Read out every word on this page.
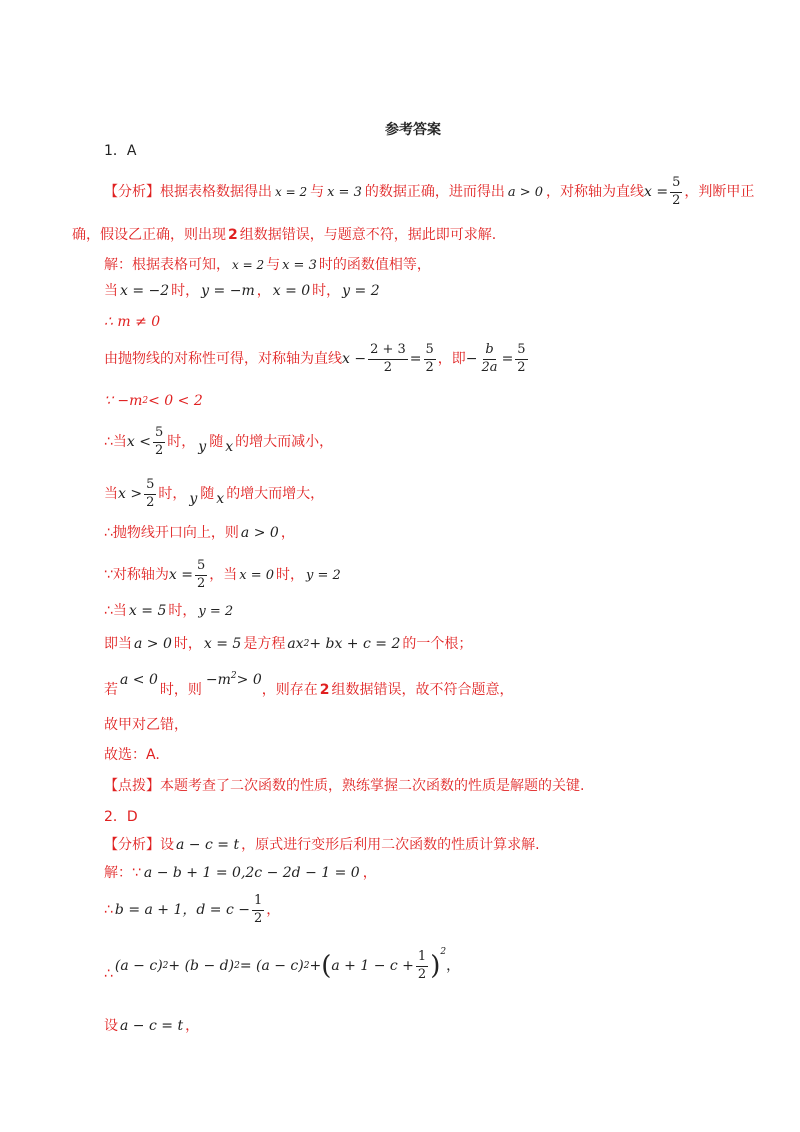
参考答案
1．A
【分析】 根据表格数据得出 x = 2 与 x = 3 的数据正确，进而得出 a > 0 ，对称轴为直线 $x = \frac{5}{2}$ ，判断甲正
确，假设乙正确，则出现 2 组数据错误，与题意不符，据此即可求解.
解：根据表格可知， x = 2 与 x = 3 时的函数值相等，
当 x = −2 时， y = −m ， x = 0 时， y = 2
∴ m ≠ 0
由抛物线的对称性可得，对称轴为直线 $x - \frac{2 + 3}{2} = \frac{5}{2}$ ，即 − $\frac{b}{2a} = \frac{5}{2}$
∵ −m 2 < 0 < 2
∴当 $x < \frac{5}{2}$ 时， y 随 x 的增大而减小，
当 $x > \frac{5}{2}$ 时， y 随 x 的增大而增大，
∴抛物线开口向上，则 a > 0 ，
∵对称轴为 $x = \frac{5}{2}$ ，当 x = 0 时， y = 2
∴当 x = 5 时， y = 2
即当 a > 0 时， x = 5 是方程 ax 2 + bx + c = 2 的一个根；
若
a < 0
时，则
−m 2 > 0
，则存在 2 组数据错误，故不符合题意，
故甲对乙错，
故选：A.
【点拨】 本题考查了二次函数的性质，熟练掌握二次函数的性质是解题的关键.
2．D
【分析】 设 a − c = t ，原式进行变形后利用二次函数的性质计算求解.
解： ∵ a − b + 1 = 0,2c − 2d − 1 = 0 ，
∴ b = a + 1，$d = c - \frac{1}{2}$ ，
∴ (a − c) 2 + (b − d) 2 = (a − c) 2 + ( $a + 1 - c + \frac{1}{2}$ ) 2
，
设 a − c = t ，
